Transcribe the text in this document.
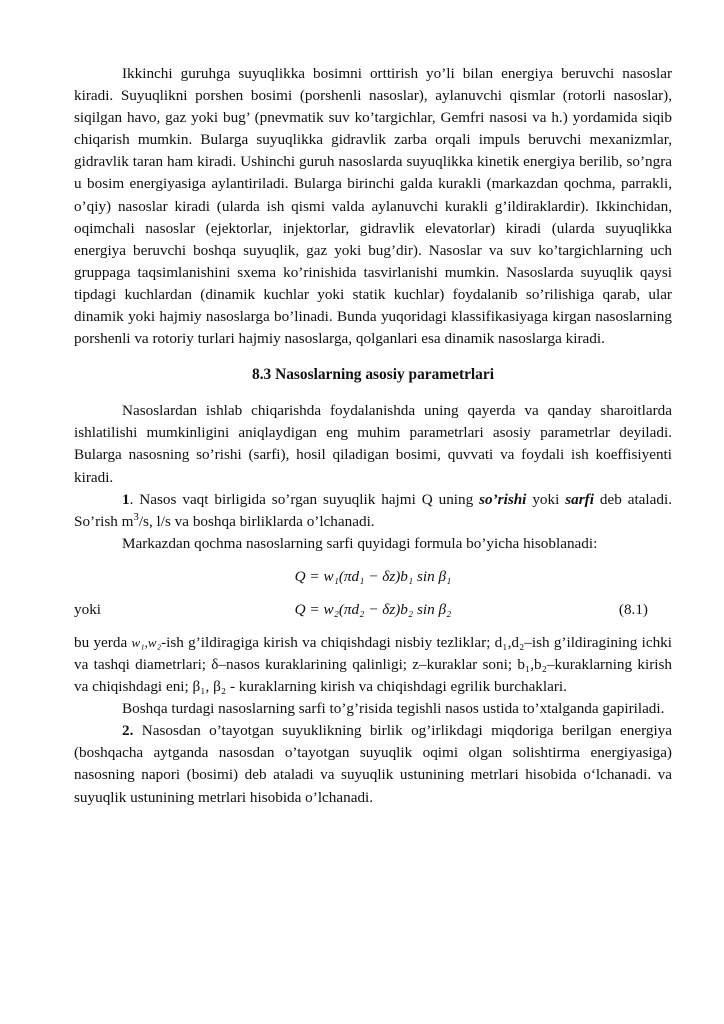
Ikkinchi guruhga suyuqlikka bosimni orttirish yo’li bilan energiya beruvchi nasoslar kiradi. Suyuqlikni porshen bosimi (porshenli nasoslar), aylanuvchi qismlar (rotorli nasoslar), siqilgan havo, gaz yoki bug’ (pnevmatik suv ko’targichlar, Gemfri nasosi va h.) yordamida siqib chiqarish mumkin. Bularga suyuqlikka gidravlik zarba orqali impuls beruvchi mexanizmlar, gidravlik taran ham kiradi. Ushinchi guruh nasoslarda suyuqlikka kinetik energiya berilib, so’ngra u bosim energiyasiga aylantiriladi. Bularga birinchi galda kurakli (markazdan qochma, parrakli, o’qiy) nasoslar kiradi (ularda ish qismi valda aylanuvchi kurakli g’ildiraklardir). Ikkinchidan, oqimchali nasoslar (ejektorlar, injektorlar, gidravlik elevatorlar) kiradi (ularda suyuqlikka energiya beruvchi boshqa suyuqlik, gaz yoki bug’dir). Nasoslar va suv ko’targichlarning uch gruppaga taqsimlanishini sxema ko’rinishida tasvirlanishi mumkin. Nasoslarda suyuqlik qaysi tipdagi kuchlardan (dinamik kuchlar yoki statik kuchlar) foydalanib so’rilishiga qarab, ular dinamik yoki hajmiy nasoslarga bo’linadi. Bunda yuqoridagi klassifikasiyaga kirgan nasoslarning porshenli va rotoriy turlari hajmiy nasoslarga, qolganlari esa dinamik nasoslarga kiradi.

8.3 Nasoslarning asosiy parametrlari

Nasoslardan ishlab chiqarishda foydalanishda uning qayerda va qanday sharoitlarda ishlatilishi mumkinligini aniqlaydigan eng muhim parametrlari asosiy parametrlar deyiladi. Bularga nasosning so’rishi (sarfi), hosil qiladigan bosimi, quvvati va foydali ish koeffisiyenti kiradi.

1. Nasos vaqt birligida so’rgan suyuqlik hajmi Q uning so’rishi yoki sarfi deb ataladi. So’rish $m^3/s$, l/s va boshqa birliklarda o’lchanadi.

Markazdan qochma nasoslarning sarfi quyidagi formula bo’yicha hisoblanadi:

Q = w₁(πd₁ − δz)b₁ sin β₁
yoki	Q = w₂(πd₂ − δz)b₂ sin β₂	(8.1)

bu yerda w₁,w₂-ish g’ildiragiga kirish va chiqishdagi nisbiy tezliklar; d₁,d₂–ish g’ildiragining ichki va tashqi diametrlari; δ–nasos kuraklarining qalinligi; z–kuraklar soni; b₁,b₂–kuraklarning kirish va chiqishdagi eni; β₁, β₂ - kuraklarning kirish va chiqishdagi egrilik burchaklari.

Boshqa turdagi nasoslarning sarfi to’g’risida tegishli nasos ustida to’xtalganda gapiriladi.

2. Nasosdan o’tayotgan suyuklikning birlik og’irlikdagi miqdoriga berilgan energiya (boshqacha aytganda nasosdan o’tayotgan suyuqlik oqimi olgan solishtirma energiyasiga) nasosning napori (bosimi) deb ataladi va suyuqlik ustunining metrlari hisobida o‘lchanadi. va suyuqlik ustunining metrlari hisobida o’lchanadi.
